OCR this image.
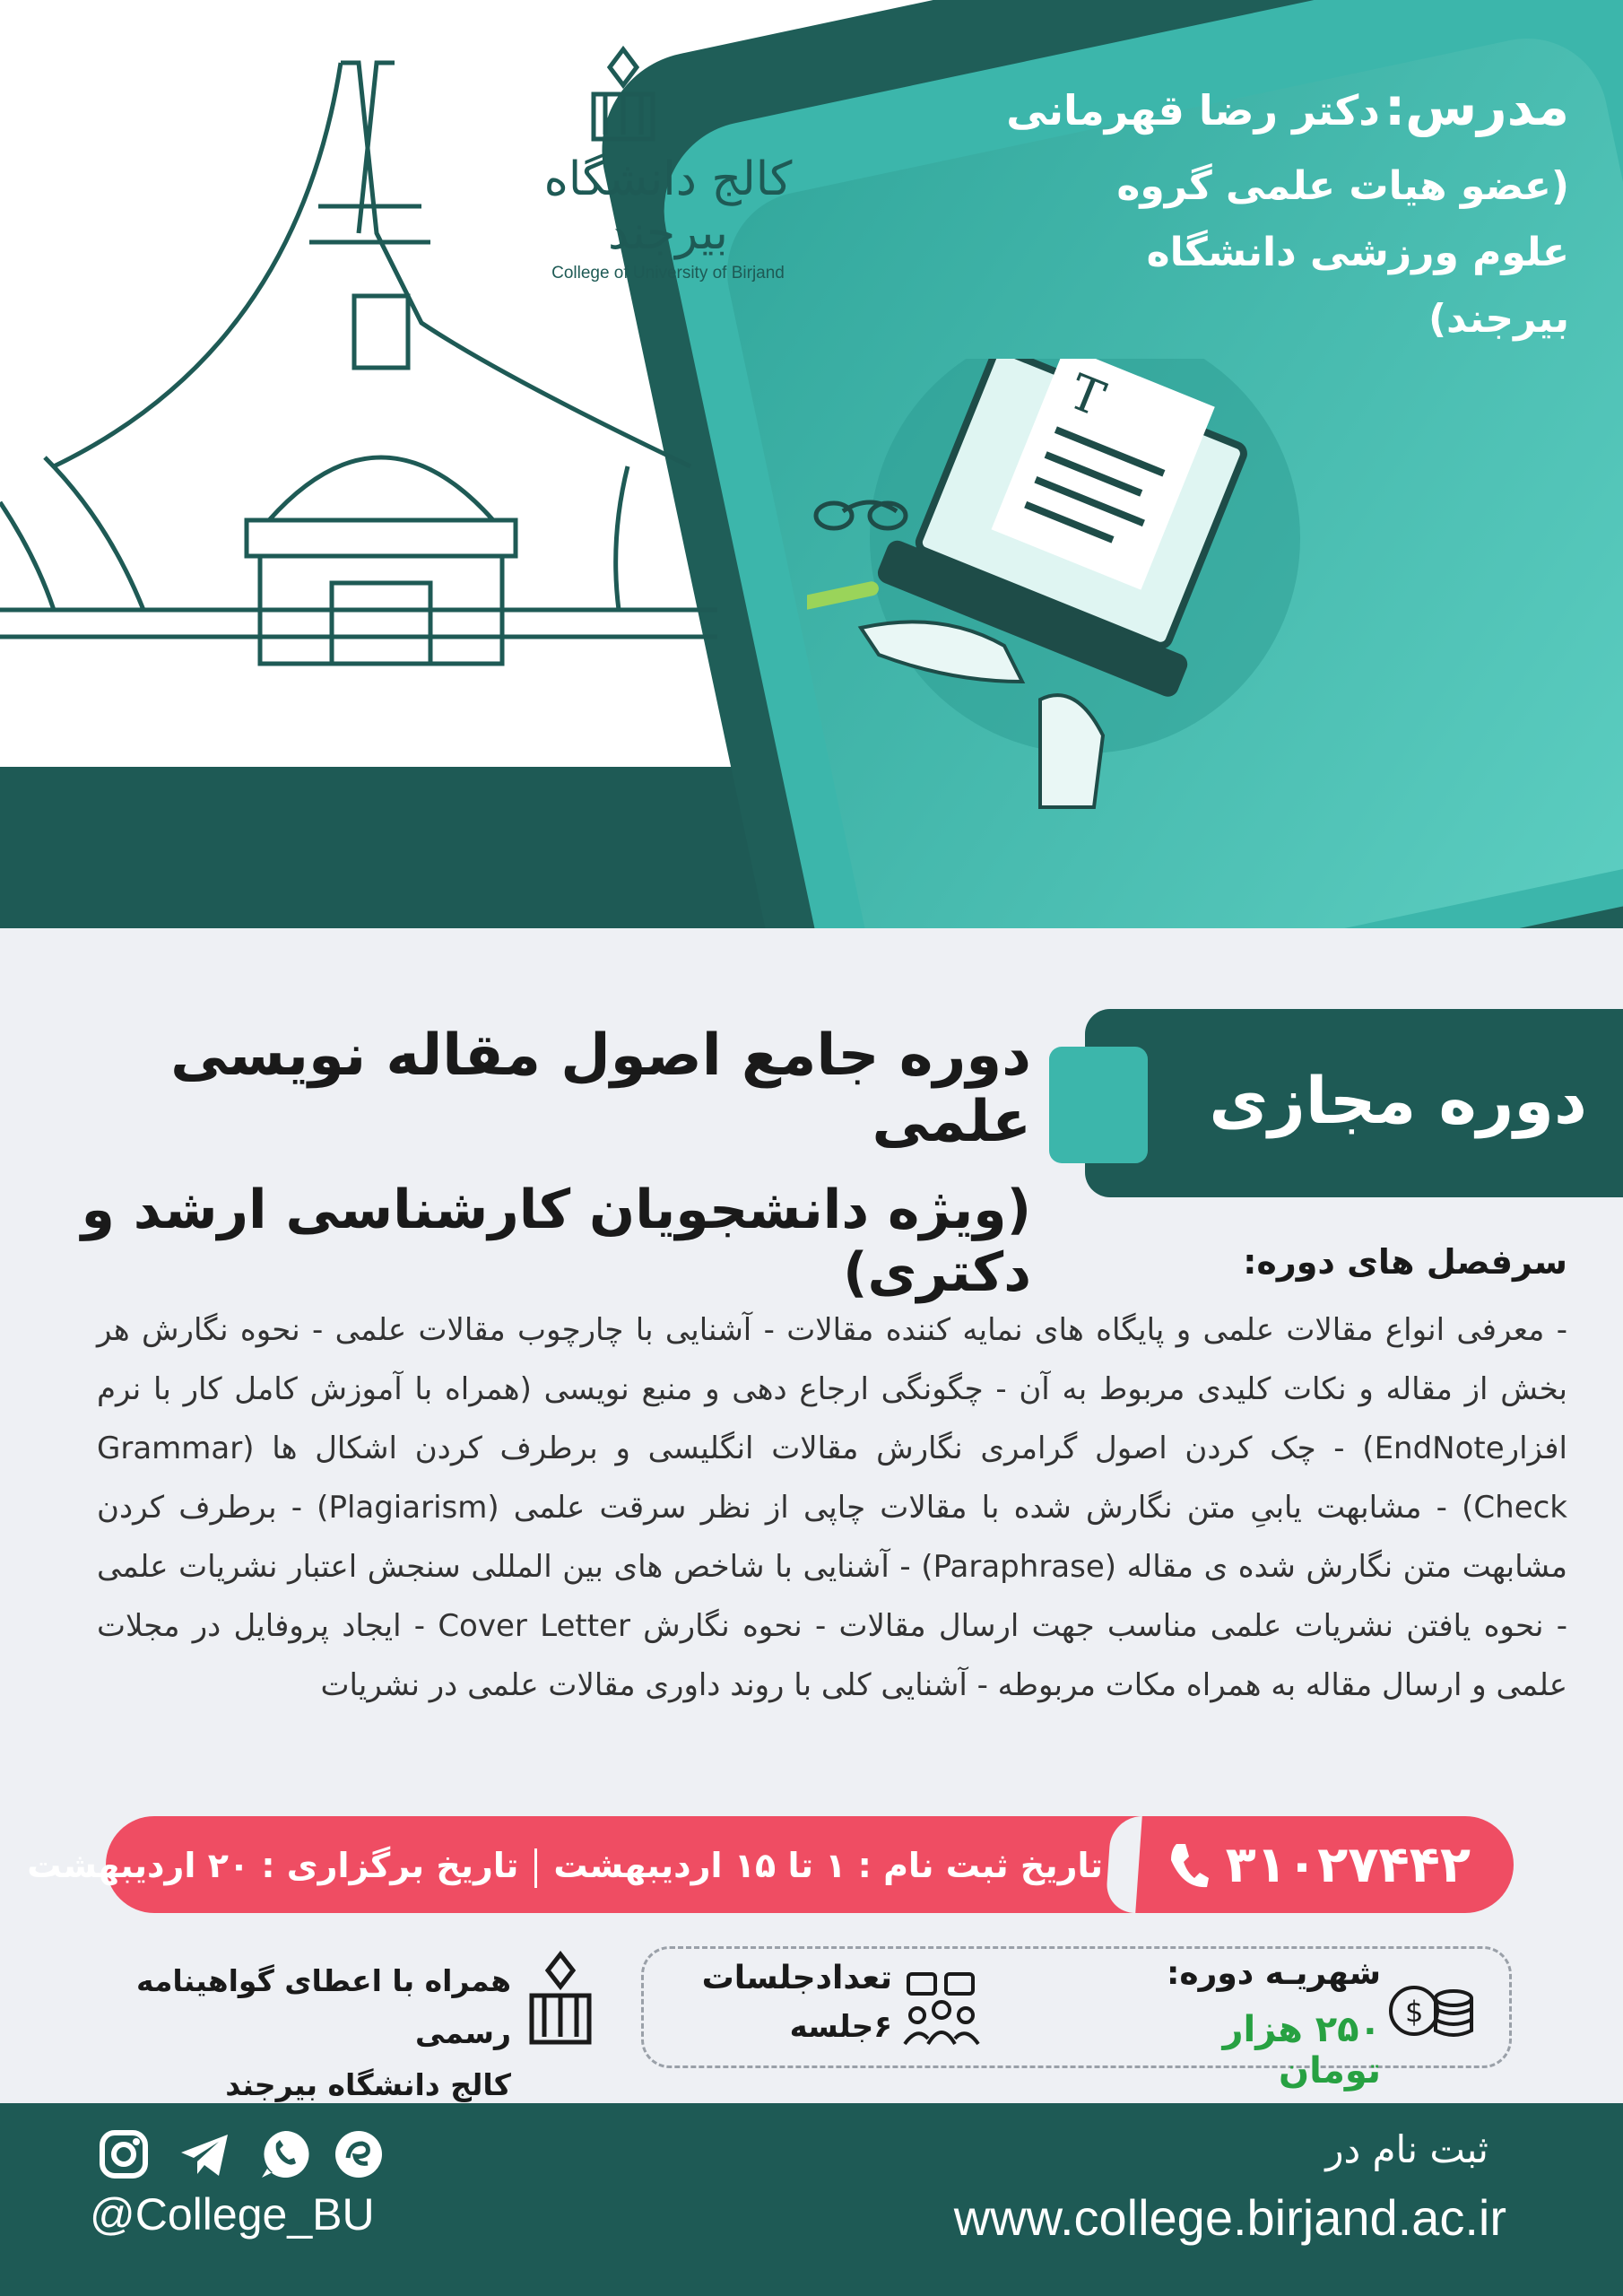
کالج دانشگاه بیرجند
College of University of Birjand
T
مدرس: دکتر رضا قهرمانی
(عضو هیات علمی گروه
علوم ورزشی دانشگاه
بیرجند)
دوره مجازی
دوره جامع اصول مقاله نویسی علمی
(ویژه دانشجویان کارشناسی ارشد و دکتری)	سرفصل های دوره:
- معرفی انواع مقالات علمی و پایگاه های نمایه کننده مقالات - آشنایی با چارچوب مقالات علمی - نحوه نگارش هر بخش از مقاله و نکات کلیدی مربوط به آن - چگونگی ارجاع دهی و منبع نویسی (همراه با آموزش کامل کار با نرم افزارEndNote) - چک کردن اصول گرامری نگارش مقالات انگلیسی و برطرف کردن اشکال ها (Grammar Check) - مشابهت یابیِ متن نگارش شده با مقالات چاپی از نظر سرقت علمی (Plagiarism) - برطرف کردن مشابهت متن نگارش شده ی مقاله (Paraphrase) - آشنایی با شاخص های بین المللی سنجش اعتبار نشریات علمی - نحوه یافتن نشریات علمی مناسب جهت ارسال مقالات - نحوه نگارش Cover Letter - ایجاد پروفایل در مجلات علمی و ارسال مقاله به همراه مکات مربوطه - آشنایی کلی با روند داوری مقالات علمی در نشریات
۳۱۰۲۷۴۴۲
تاریخ ثبت نام : ۱ تا ۱۵ اردیبهشتتاریخ برگزاری : ۲۰ اردیبهشت
$
شهریـه دوره:
۲۵۰ هزار تومان
تعدادجلسات
۶جلسه
همراه با اعطای گواهینامه رسمی
کالج دانشگاه بیرجند
ثبت نام در
www.college.birjand.ac.ir
@College_BU
